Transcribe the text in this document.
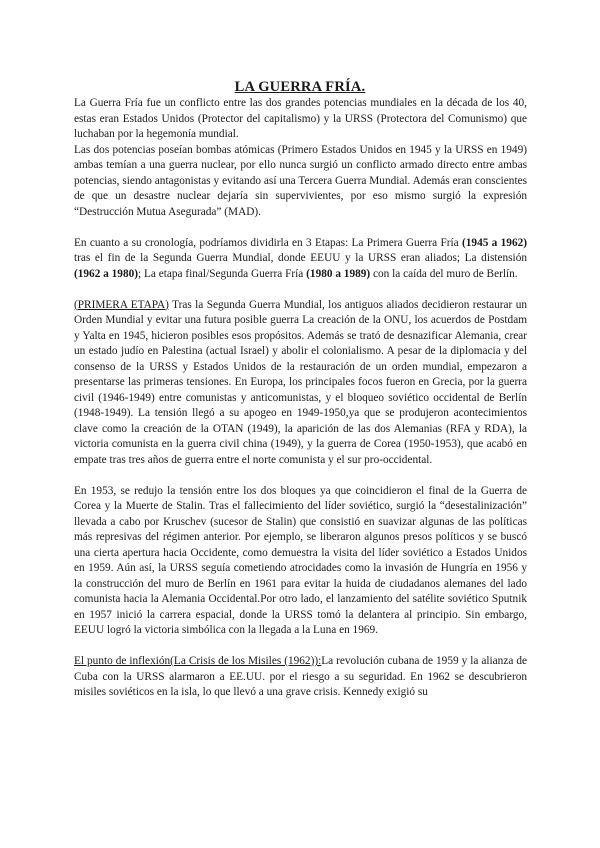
LA GUERRA FRÍA.

La Guerra Fría fue un conflicto entre las dos grandes potencias mundiales en la década de los 40, estas eran Estados Unidos (Protector del capitalismo) y la URSS (Protectora del Comunismo) que luchaban por la hegemonía mundial.

Las dos potencias poseían bombas atómicas (Primero Estados Unidos en 1945 y la URSS en 1949) ambas temían a una guerra nuclear, por ello nunca surgió un conflicto armado directo entre ambas potencias, siendo antagonistas y evitando así una Tercera Guerra Mundial. Además eran conscientes de que un desastre nuclear dejaría sin supervivientes, por eso mismo surgió la expresión “Destrucción Mutua Asegurada” (MAD).

En cuanto a su cronología, podríamos dividirla en 3 Etapas: La Primera Guerra Fría (1945 a 1962) tras el fin de la Segunda Guerra Mundial, donde EEUU y la URSS eran aliados; La distensión (1962 a 1980); La etapa final/Segunda Guerra Fría (1980 a 1989) con la caída del muro de Berlín.

(PRIMERA ETAPA) Tras la Segunda Guerra Mundial, los antiguos aliados decidieron restaurar un Orden Mundial y evitar una futura posible guerra La creación de la ONU, los acuerdos de Postdam y Yalta en 1945, hicieron posibles esos propósitos. Además se trató de desnazificar Alemania, crear un estado judío en Palestina (actual Israel) y abolir el colonialismo. A pesar de la diplomacia y del consenso de la URSS y Estados Unidos de la restauración de un orden mundial, empezaron a presentarse las primeras tensiones. En Europa, los principales focos fueron en Grecia, por la guerra civil (1946-1949) entre comunistas y anticomunistas, y el bloqueo soviético occidental de Berlín (1948-1949). La tensión llegó a su apogeo en 1949-1950,ya que se produjeron acontecimientos clave como la creación de la OTAN (1949), la aparición de las dos Alemanias (RFA y RDA), la victoria comunista en la guerra civil china (1949), y la guerra de Corea (1950-1953), que acabó en empate tras tres años de guerra entre el norte comunista y el sur pro-occidental.

En 1953, se redujo la tensión entre los dos bloques ya que coincidieron el final de la Guerra de Corea y la Muerte de Stalin. Tras el fallecimiento del líder soviético, surgió la “desestalinización” llevada a cabo por Kruschev (sucesor de Stalin) que consistió en suavizar algunas de las políticas más represivas del régimen anterior. Por ejemplo, se liberaron algunos presos políticos y se buscó una cierta apertura hacia Occidente, como demuestra la visita del líder soviético a Estados Unidos en 1959. Aún así, la URSS seguía cometiendo atrocidades como la invasión de Hungría en 1956 y la construcción del muro de Berlín en 1961 para evitar la huida de ciudadanos alemanes del lado comunista hacia la Alemania Occidental.Por otro lado, el lanzamiento del satélite soviético Sputnik en 1957 inició la carrera espacial, donde la URSS tomó la delantera al principio. Sin embargo, EEUU logró la victoria simbólica con la llegada a la Luna en 1969.

El punto de inflexión(La Crisis de los Misiles (1962)):La revolución cubana de 1959 y la alianza de Cuba con la URSS alarmaron a EE.UU. por el riesgo a su seguridad. En 1962 se descubrieron misiles soviéticos en la isla, lo que llevó a una grave crisis. Kennedy exigió su
